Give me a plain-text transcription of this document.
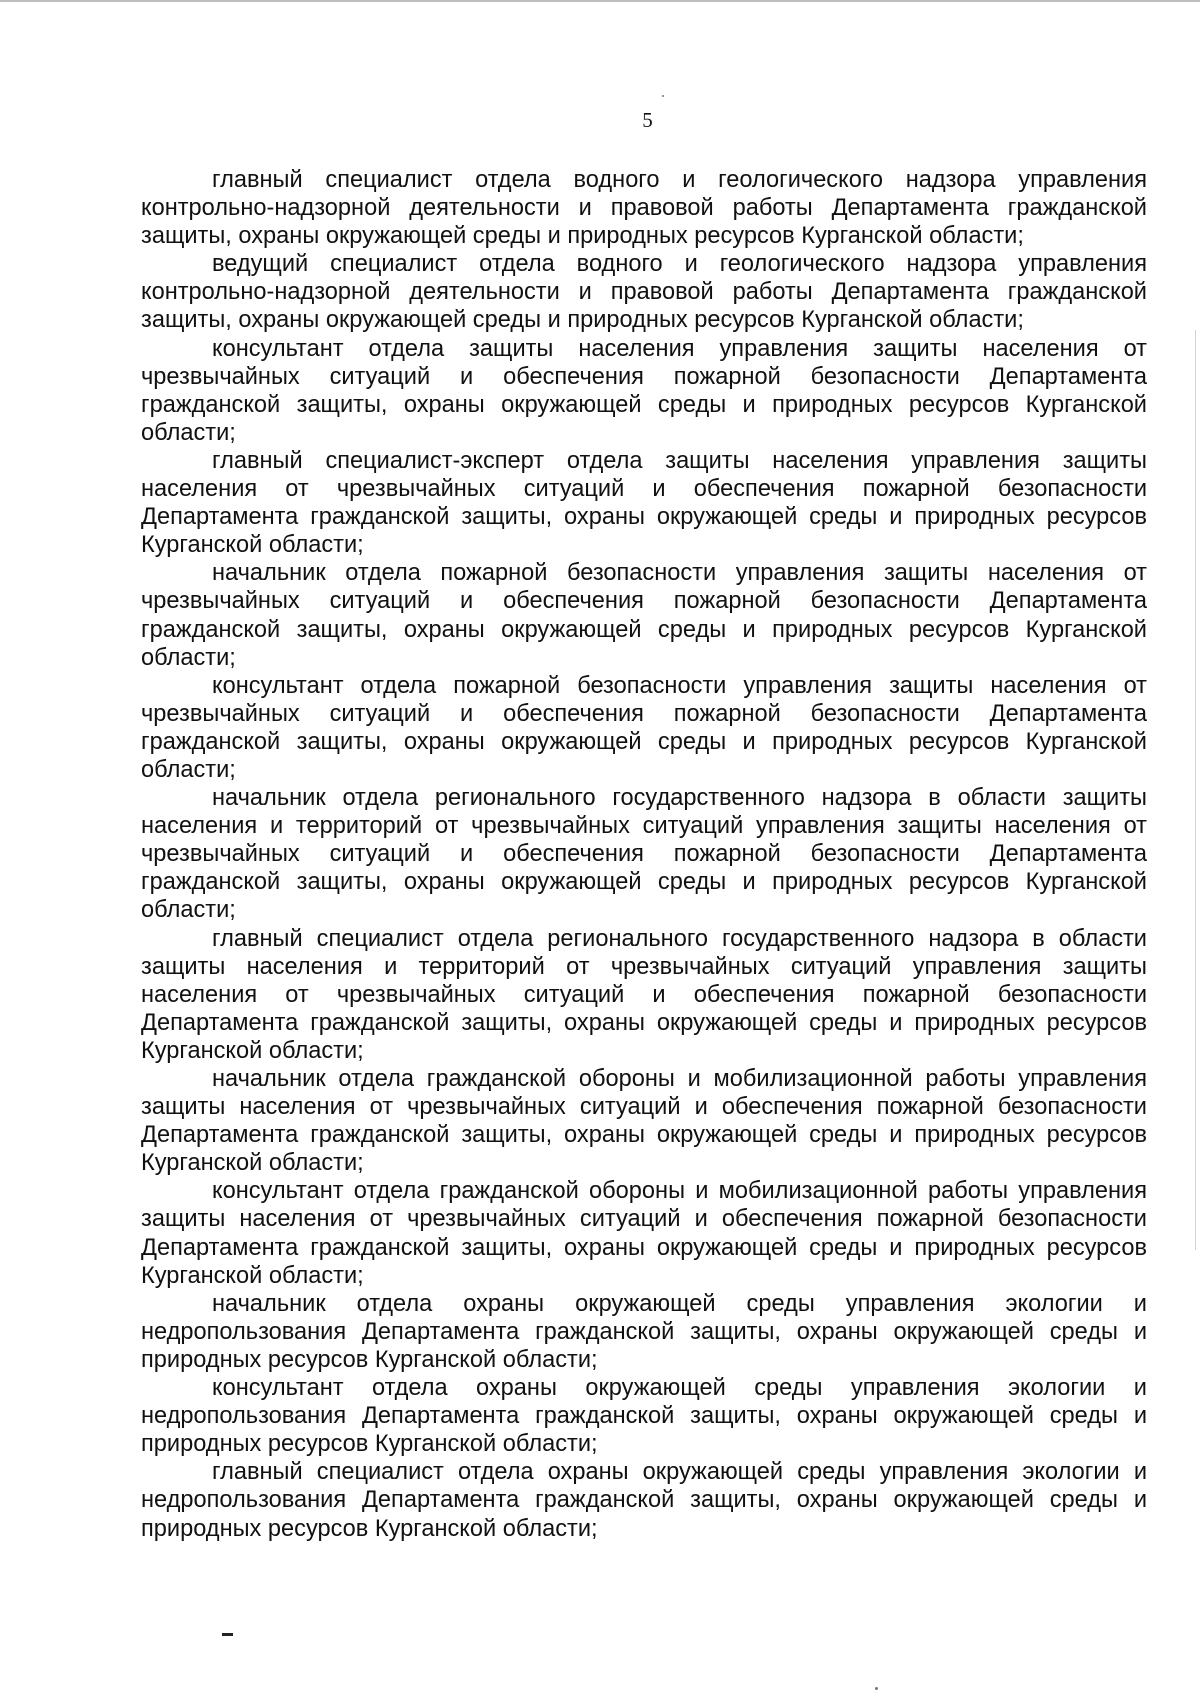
5

главный специалист отдела водного и геологического надзора управления контрольно-надзорной деятельности и правовой работы Департамента гражданской защиты, охраны окружающей среды и природных ресурсов Курганской области;

ведущий специалист отдела водного и геологического надзора управления контрольно-надзорной деятельности и правовой работы Департамента гражданской защиты, охраны окружающей среды и природных ресурсов Курганской области;

консультант отдела защиты населения управления защиты населения от чрезвычайных ситуаций и обеспечения пожарной безопасности Департамента гражданской защиты, охраны окружающей среды и природных ресурсов Курганской области;

главный специалист-эксперт отдела защиты населения управления защиты населения от чрезвычайных ситуаций и обеспечения пожарной безопасности Департамента гражданской защиты, охраны окружающей среды и природных ресурсов Курганской области;

начальник отдела пожарной безопасности управления защиты населения от чрезвычайных ситуаций и обеспечения пожарной безопасности Департамента гражданской защиты, охраны окружающей среды и природных ресурсов Курганской области;

консультант отдела пожарной безопасности управления защиты населения от чрезвычайных ситуаций и обеспечения пожарной безопасности Департамента гражданской защиты, охраны окружающей среды и природных ресурсов Курганской области;

начальник отдела регионального государственного надзора в области защиты населения и территорий от чрезвычайных ситуаций управления защиты населения от чрезвычайных ситуаций и обеспечения пожарной безопасности Департамента гражданской защиты, охраны окружающей среды и природных ресурсов Курганской области;

главный специалист отдела регионального государственного надзора в области защиты населения и территорий от чрезвычайных ситуаций управления защиты населения от чрезвычайных ситуаций и обеспечения пожарной безопасности Департамента гражданской защиты, охраны окружающей среды и природных ресурсов Курганской области;

начальник отдела гражданской обороны и мобилизационной работы управления защиты населения от чрезвычайных ситуаций и обеспечения пожарной безопасности Департамента гражданской защиты, охраны окружающей среды и природных ресурсов Курганской области;

консультант отдела гражданской обороны и мобилизационной работы управления защиты населения от чрезвычайных ситуаций и обеспечения пожарной безопасности Департамента гражданской защиты, охраны окружающей среды и природных ресурсов Курганской области;

начальник отдела охраны окружающей среды управления экологии и недропользования Департамента гражданской защиты, охраны окружающей среды и природных ресурсов Курганской области;

консультант отдела охраны окружающей среды управления экологии и недропользования Департамента гражданской защиты, охраны окружающей среды и природных ресурсов Курганской области;

главный специалист отдела охраны окружающей среды управления экологии и недропользования Департамента гражданской защиты, охраны окружающей среды и природных ресурсов Курганской области;
